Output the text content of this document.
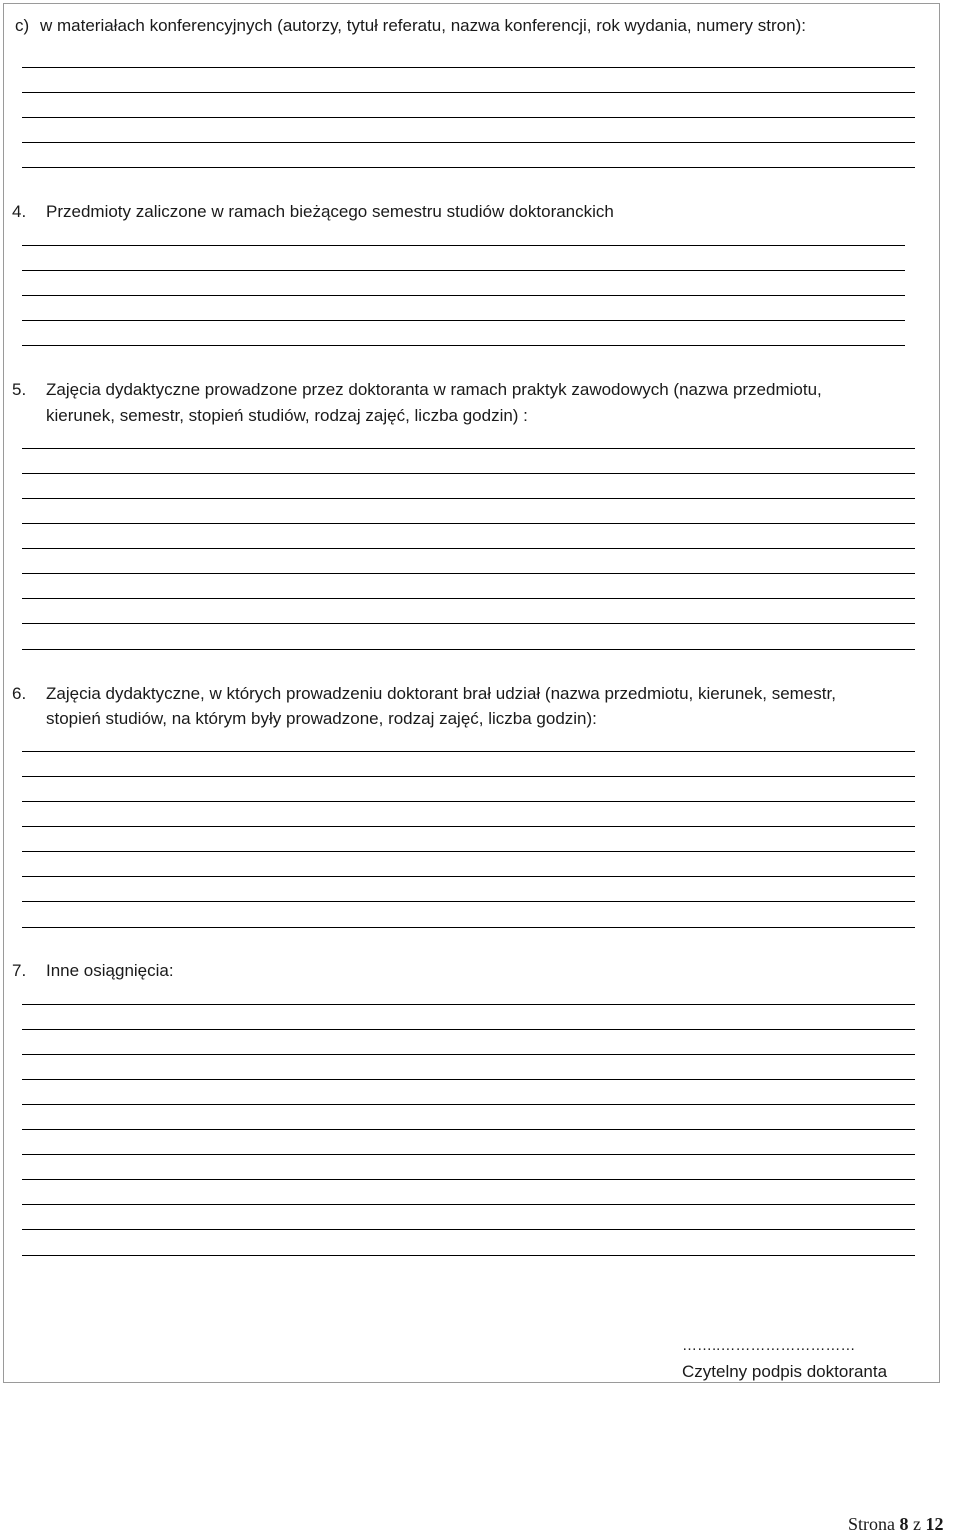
c) w materiałach konferencyjnych (autorzy, tytuł referatu, nazwa konferencji, rok wydania, numery stron):
4. Przedmioty zaliczone w ramach bieżącego semestru studiów doktoranckich
5. Zajęcia dydaktyczne prowadzone przez doktoranta w ramach praktyk zawodowych (nazwa przedmiotu,
kierunek, semestr, stopień studiów, rodzaj zajęć, liczba godzin) :
6. Zajęcia dydaktyczne, w których prowadzeniu doktorant brał udział (nazwa przedmiotu, kierunek, semestr,
stopień studiów, na którym były prowadzone, rodzaj zajęć, liczba godzin):
7. Inne osiągnięcia:
……..………………………
Czytelny podpis doktoranta
Strona 8 z 12
